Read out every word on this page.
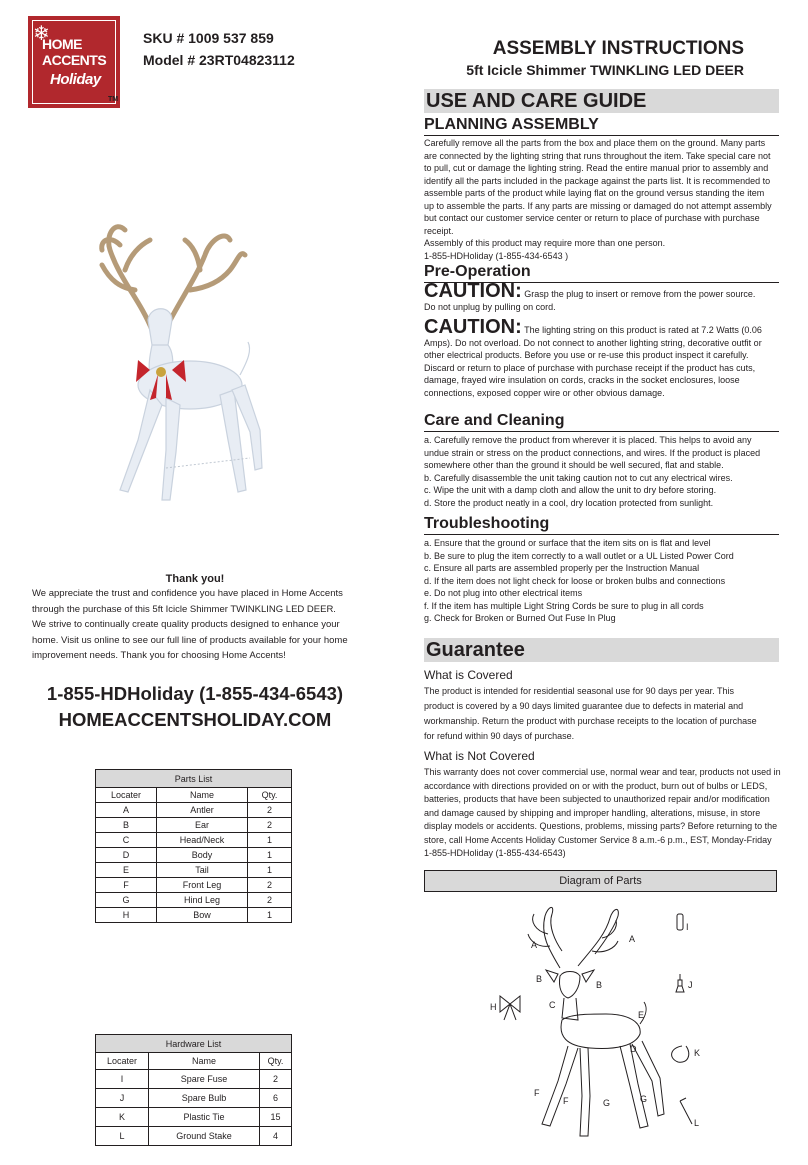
❄
HOME
ACCENTS
Holiday
TM
SKU # 1009 537 859
Model # 23RT04823112
Thank you!
We appreciate the trust and confidence you have placed in Home Accents
through the purchase of this 5ft Icicle Shimmer TWINKLING LED DEER.
We strive to continually create quality products designed to enhance your
home. Visit us online to see our full line of products available for your home
improvement needs. Thank you for choosing Home Accents!
1-855-HDHoliday (1-855-434-6543)
HOMEACCENTSHOLIDAY.COM
Parts List		
Locater	Name	Qty.
A	Antler	2
B	Ear	2
C	Head/Neck	1
D	Body	1
E	Tail	1
F	Front Leg	2
G	Hind Leg	2
H	Bow	1
Hardware List		
Locater	Name	Qty.
I	Spare Fuse	2
J	Spare Bulb	6
K	Plastic Tie	15
L	Ground Stake	4
ASSEMBLY INSTRUCTIONS
5ft Icicle Shimmer TWINKLING LED DEER
USE AND CARE GUIDE
PLANNING ASSEMBLY
Carefully remove all the parts from the box and place them on the ground. Many parts
are connected by the lighting string that runs throughout the item. Take special care not
to pull, cut or damage the lighting string. Read the entire manual prior to assembly and
identify all the parts included in the package against the parts list. It is recommended to
assemble parts of the product while laying flat on the ground versus standing the item
up to assemble the parts. If any parts are missing or damaged do not attempt assembly
but contact our customer service center or return to place of purchase with purchase
receipt.
Assembly of this product may require more than one person.
1-855-HDHoliday (1-855-434-6543 )
Pre-Operation
CAUTION: Grasp the plug to insert or remove from the power source.
Do not unplug by pulling on cord.
CAUTION: The lighting string on this product is rated at 7.2 Watts (0.06
Amps). Do not overload. Do not connect to another lighting string, decorative outfit or
other electrical products. Before you use or re-use this product inspect it carefully.
Discard or return to place of purchase with purchase receipt if the product has cuts,
damage, frayed wire insulation on cords, cracks in the socket enclosures, loose
connections, exposed copper wire or other obvious damage.
Care and Cleaning
a. Carefully remove the product from wherever it is placed. This helps to avoid any
undue strain or stress on the product connections, and wires. If the product is placed
somewhere other than the ground it should be well secured, flat and stable.
b. Carefully disassemble the unit taking caution not to cut any electrical wires.
c. Wipe the unit with a damp cloth and allow the unit to dry before storing.
d. Store the product neatly in a cool, dry location protected from sunlight.
Troubleshooting
a. Ensure that the ground or surface that the item sits on is flat and level
b. Be sure to plug the item correctly to a wall outlet or a UL Listed Power Cord
c. Ensure all parts are assembled properly per the Instruction Manual
d. If the item does not light check for loose or broken bulbs and connections
e. Do not plug into other electrical items
f. If the item has multiple Light String Cords be sure to plug in all cords
g. Check for Broken or Burned Out Fuse In Plug
Guarantee
What is Covered
The product is intended for residential seasonal use for 90 days per year. This
product is covered by a 90 days limited guarantee due to defects in material and
workmanship. Return the product with purchase receipts to the location of purchase
for refund within 90 days of purchase.
What is Not Covered
This warranty does not cover commercial use, normal wear and tear, products not used in
accordance with directions provided on or with the product, burn out of bulbs or LEDS,
batteries, products that have been subjected to unauthorized repair and/or modification
and damage caused by shipping and improper handling, alterations, misuse, in store
display models or accidents. Questions, problems, missing parts? Before returning to the
store, call Home Accents Holiday Customer Service 8 a.m.-6 p.m., EST, Monday-Friday
1-855-HDHoliday (1-855-434-6543)
Diagram of Parts
A
A
B
B
C
D
E
F
F	G	G
H
I
J
K
L
